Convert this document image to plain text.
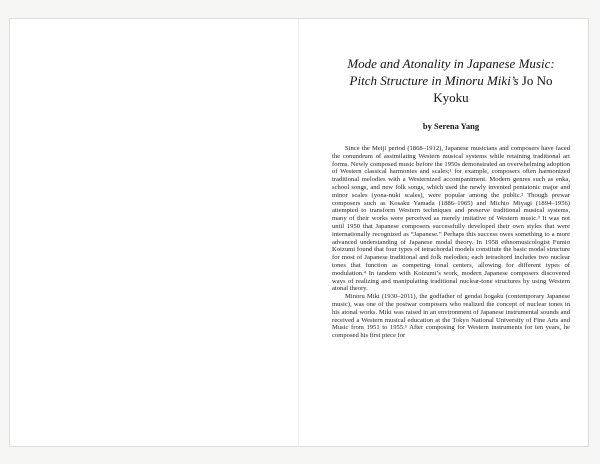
Mode and Atonality in Japanese Music: Pitch Structure in Minoru Miki’s Jo No Kyoku
by Serena Yang

Since the Meiji period (1868–1912), Japanese musicians and composers have faced the conundrum of assimilating Western musical systems while retaining traditional art forms. Newly composed music before the 1950s demonstrated an overwhelming adoption of Western classical harmonies and scales;¹ for example, composers often harmonized traditional melodies with a Westernized accompaniment. Modern genres such as enka, school songs, and new folk songs, which used the newly invented pentatonic major and minor scales (yona-nuki scales), were popular among the public.² Though prewar composers such as Kosaku Yamada (1886–1965) and Michio Miyagi (1894–1956) attempted to transform Western techniques and preserve traditional musical systems, many of their works were perceived as merely imitative of Western music.³ It was not until 1950 that Japanese composers successfully developed their own styles that were internationally recognized as “Japanese.” Perhaps this success owes something to a more advanced understanding of Japanese modal theory. In 1958 ethnomusicologist Fumio Koizumi found that four types of tetrachordal models constitute the basic modal structure for most of Japanese traditional and folk melodies; each tetrachord includes two nuclear tones that function as competing tonal centers, allowing for different types of modulation.⁴ In tandem with Koizumi’s work, modern Japanese composers discovered ways of realizing and manipulating traditional nuclear-tone structures by using Western atonal theory.

Minoru Miki (1930–2011), the godfather of gendai hogaku (contemporary Japanese music), was one of the postwar composers who realized the concept of nuclear tones in his atonal works. Miki was raised in an environment of Japanese instrumental sounds and received a Western musical education at the Tokyo National University of Fine Arts and Music from 1951 to 1955.⁵ After composing for Western instruments for ten years, he composed his first piece for
